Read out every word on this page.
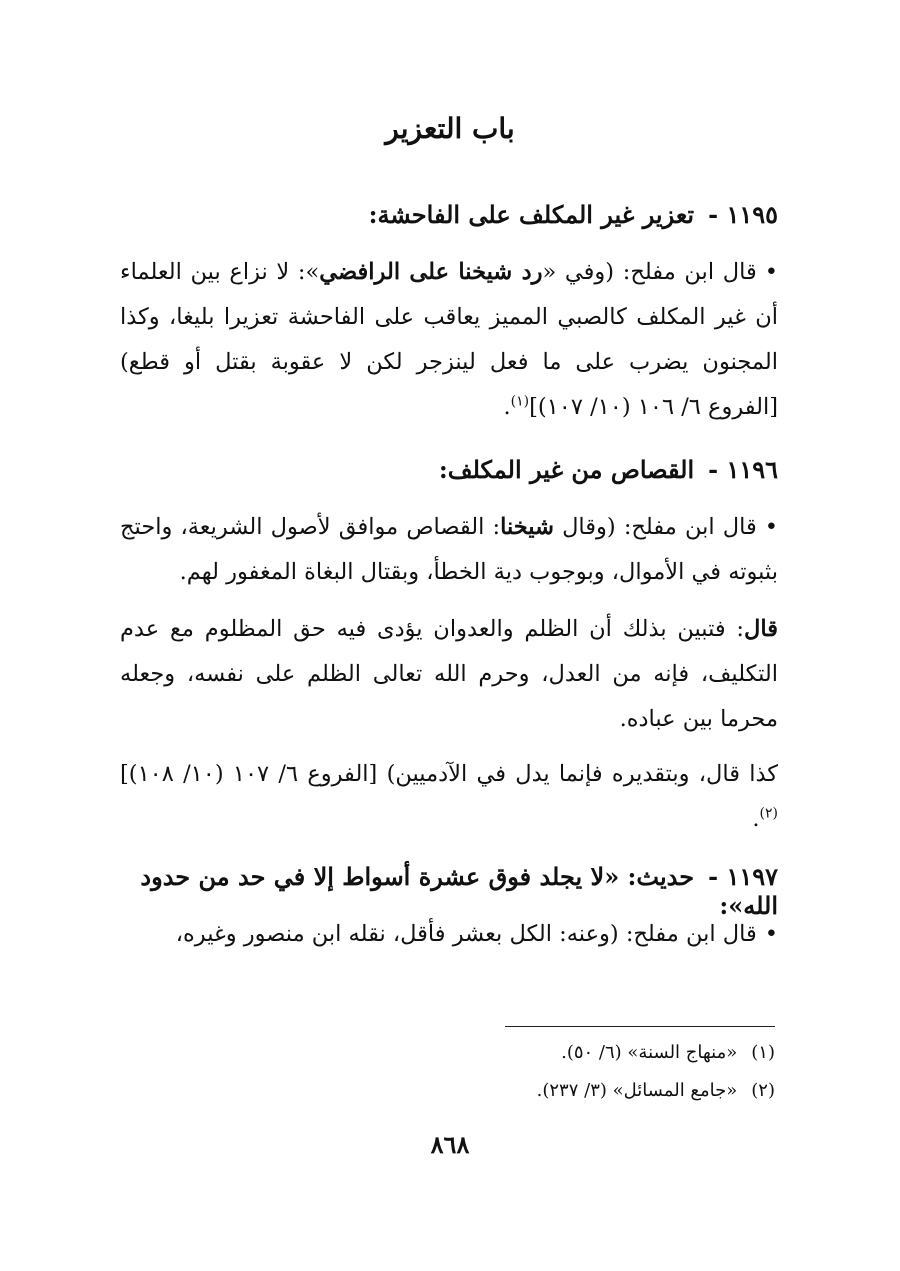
باب التعزير
١١٩٥ -تعزير غير المكلف على الفاحشة:
•قال ابن مفلح: (وفي «رد شيخنا على الرافضي»: لا نزاع بين العلماء أن غير المكلف كالصبي المميز يعاقب على الفاحشة تعزيرا بليغا، وكذا المجنون يضرب على ما فعل لينزجر لكن لا عقوبة بقتل أو قطع) [الفروع ٦/ ١٠٦ (١٠/ ١٠٧)]$^{(١)}$.
١١٩٦ -القصاص من غير المكلف:
•قال ابن مفلح: (وقال شيخنا: القصاص موافق لأصول الشريعة، واحتج بثبوته في الأموال، وبوجوب دية الخطأ، وبقتال البغاة المغفور لهم.
قال: فتبين بذلك أن الظلم والعدوان يؤدى فيه حق المظلوم مع عدم التكليف، فإنه من العدل، وحرم الله تعالى الظلم على نفسه، وجعله محرما بين عباده.
كذا قال، وبتقديره فإنما يدل في الآدميين) [الفروع ٦/ ١٠٧ (١٠/ ١٠٨)]$^{(٢)}$.
١١٩٧ -حديث: «لا يجلد فوق عشرة أسواط إلا في حد من حدود الله»:
•قال ابن مفلح: (وعنه: الكل بعشر فأقل، نقله ابن منصور وغيره،
(١)«منهاج السنة» (٦/ ٥٠).
(٢)«جامع المسائل» (٣/ ٢٣٧).
٨٦٨
